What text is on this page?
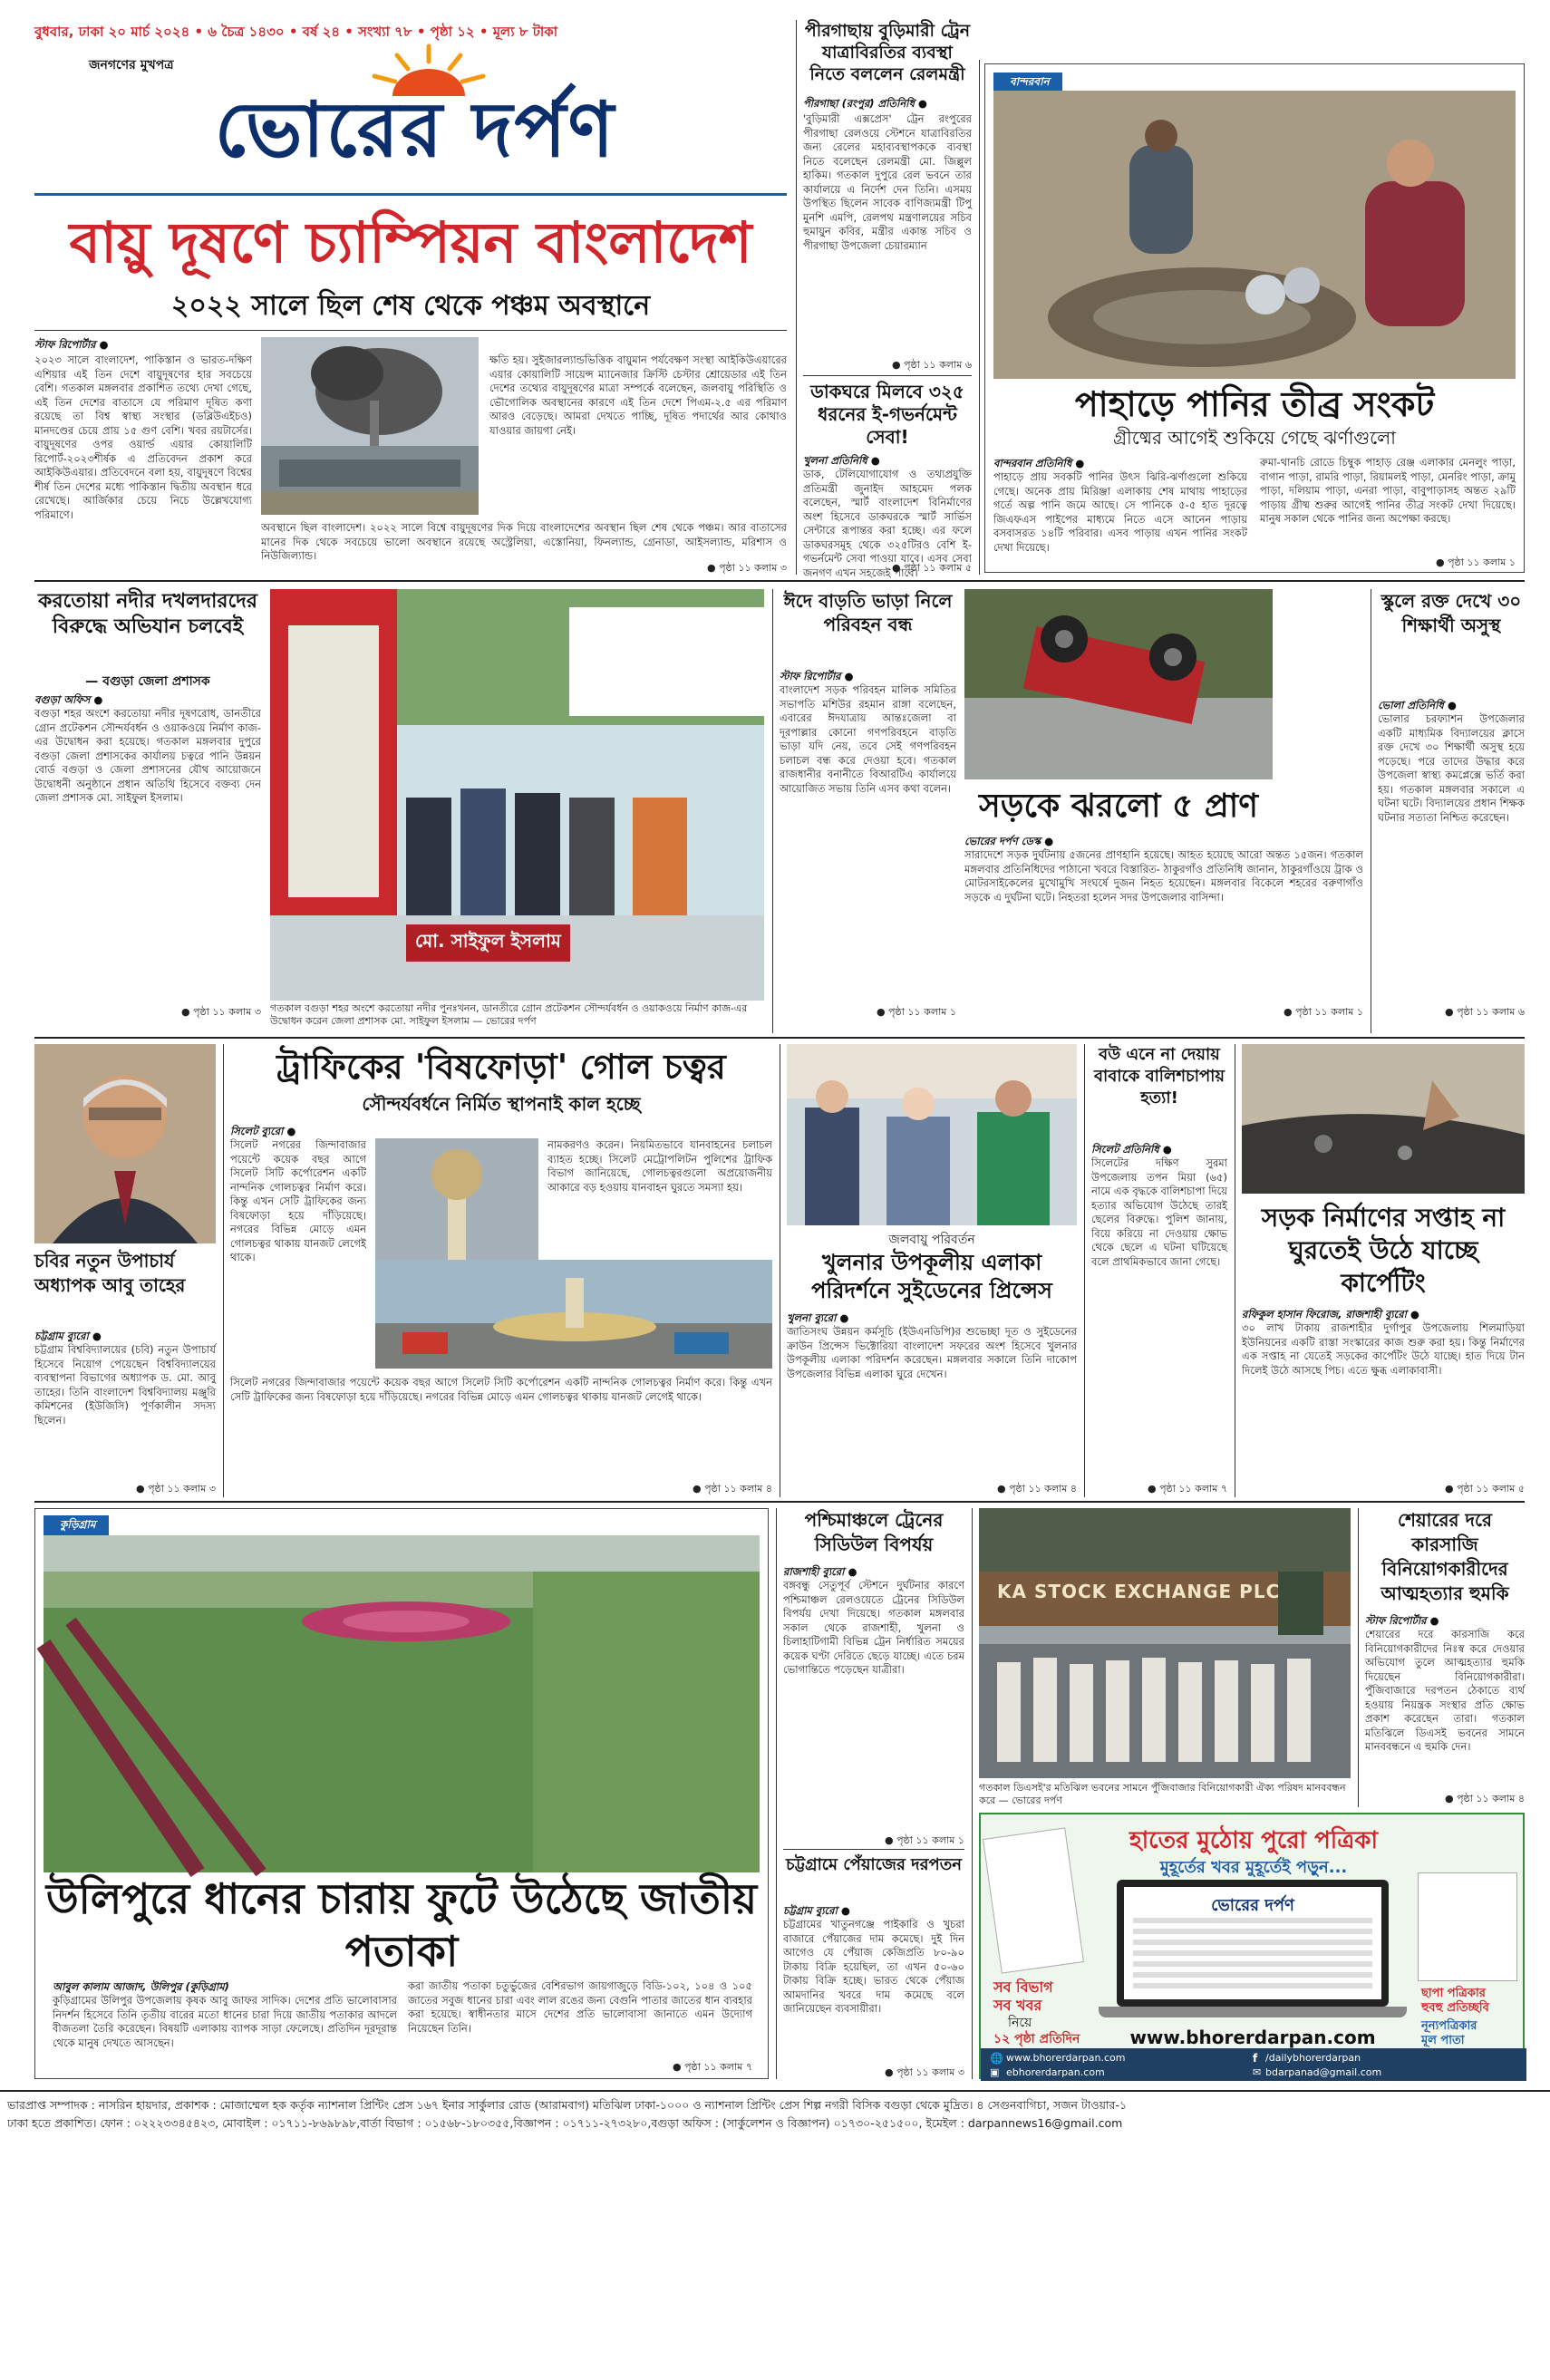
বুধবার, ঢাকা ২০ মার্চ ২০২৪ • ৬ চৈত্র ১৪৩০ • বর্ষ ২৪ • সংখ্যা ৭৮ • পৃষ্ঠা ১২ • মূল্য ৮ টাকা
জনগণের মুখপত্র
ভোরের দর্পণ
বায়ু দূষণে চ্যাম্পিয়ন বাংলাদেশ
২০২২ সালে ছিল শেষ থেকে পঞ্চম অবস্থানে
স্টাফ রিপোর্টার ●
২০২৩ সালে বাংলাদেশ, পাকিস্তান ও ভারত-দক্ষিণ এশিয়ার এই তিন দেশে বায়ুদূষণের হার সবচেয়ে বেশি। গতকাল মঙ্গলবার প্রকাশিত তথ্যে দেখা গেছে, এই তিন দেশের বাতাসে যে পরিমাণ দূষিত কণা রয়েছে তা বিশ্ব স্বাস্থ্য সংস্থার (ডব্লিউএইচও) মানদণ্ডের চেয়ে প্রায় ১৫ গুণ বেশি। খবর রয়টার্সের। বায়ুদূষণের ওপর ওয়ার্ল্ড এয়ার কোয়ালিটি রিপোর্ট-২০২৩শীর্ষক এ প্রতিবেদন প্রকাশ করে আইকিউএয়ার। প্রতিবেদনে বলা হয়, বায়ুদূষণে বিশ্বের শীর্ষ তিন দেশের মধ্যে পাকিস্তান দ্বিতীয় অবস্থান ধরে রেখেছে। আর্জিকার চেয়ে নিচে উল্লেখযোগ্য পরিমাণে।
ক্ষতি হয়। সুইজারল্যান্ডভিত্তিক বায়ুমান পর্যবেক্ষণ সংস্থা আইকিউএয়ারের এয়ার কোয়ালিটি সায়েন্স ম্যানেজার ক্রিস্টি চেস্টার শ্রোয়েডার এই তিন দেশের তথ্যের বায়ুদূষণের মাত্রা সম্পর্কে বলেছেন, জলবায়ু পরিস্থিতি ও ভৌগোলিক অবস্থানের কারণে এই তিন দেশে পিএম-২.৫ এর পরিমাণ আরও বেড়েছে। আমরা দেখতে পাচ্ছি, দূষিত পদার্থের আর কোথাও যাওয়ার জায়গা নেই।
অবস্থানে ছিল বাংলাদেশ। ২০২২ সালে বিশ্বে বায়ুদূষণের দিক দিয়ে বাংলাদেশের অবস্থান ছিল শেষ থেকে পঞ্চম। আর বাতাসের মানের দিক থেকে সবচেয়ে ভালো অবস্থানে রয়েছে অস্ট্রেলিয়া, এস্তোনিয়া, ফিনল্যান্ড, গ্রেনাডা, আইসল্যান্ড, মরিশাস ও নিউজিল্যান্ড।
● পৃষ্ঠা ১১ কলাম ৩
পীরগাছায় বুড়িমারী ট্রেন যাত্রাবিরতির ব্যবস্থা নিতে বললেন রেলমন্ত্রী
পীরগাছা (রংপুর) প্রতিনিধি ●
'বুড়িমারী এক্সপ্রেস' ট্রেন রংপুরের পীরগাছা রেলওয়ে স্টেশনে যাত্রাবিরতির জন্য রেলের মহাব্যবস্থাপককে ব্যবস্থা নিতে বলেছেন রেলমন্ত্রী মো. জিল্লুল হাকিম। গতকাল দুপুরে রেল ভবনে তার কার্যালয়ে এ নির্দেশ দেন তিনি। এসময় উপস্থিত ছিলেন সাবেক বাণিজ্যমন্ত্রী টিপু মুনশি এমপি, রেলপথ মন্ত্রণালয়ের সচিব হুমায়ুন কবির, মন্ত্রীর একান্ত সচিব ও পীরগাছা উপজেলা চেয়ারম্যান
● পৃষ্ঠা ১১ কলাম ৬
ডাকঘরে মিলবে ৩২৫ ধরনের ই-গভর্নমেন্ট সেবা!
খুলনা প্রতিনিধি ●
ডাক, টেলিযোগাযোগ ও তথ্যপ্রযুক্তি প্রতিমন্ত্রী জুনাইদ আহমেদ পলক বলেছেন, স্মার্ট বাংলাদেশ বিনির্মাণের অংশ হিসেবে ডাকঘরকে স্মার্ট সার্ভিস সেন্টারে রূপান্তর করা হচ্ছে। এর ফলে ডাকঘরসমূহ থেকে ৩২৫টিরও বেশি ই-গভর্নমেন্ট সেবা পাওয়া যাবে। এসব সেবা জনগণ এখন সহজেই পাবে।
● পৃষ্ঠা ১১ কলাম ৫
বান্দরবান
পাহাড়ে পানির তীব্র সংকট
গ্রীষ্মের আগেই শুকিয়ে গেছে ঝর্ণাগুলো
বান্দরবান প্রতিনিধি ●
পাহাড়ে প্রায় সবকটি পানির উৎস ঝিরি-ঝর্ণাগুলো শুকিয়ে গেছে। অনেক প্রায় মিরিঞ্জা এলাকায় শেষ মাথায় পাহাড়ের গর্তে অল্প পানি জমে আছে। সে পানিকে ৫-৫ হাত দূরত্বে জিএফএস পাইপের মাধ্যমে নিতে এসে আনেন পাড়ায় বসবাসরত ১৪টি পরিবার। এসব পাড়ায় এখন পানির সংকট দেখা দিয়েছে।
রুমা-থানচি রোডে চিম্বুক পাহাড় রেঞ্জ এলাকার মেনলুং পাড়া, বাগান পাড়া, রামরি পাড়া, রিয়ামলই পাড়া, মেনরিং পাড়া, ক্রামু পাড়া, দলিয়াম পাড়া, এনরা পাড়া, বাবুপাড়াসহ অন্তত ২৯টি পাড়ায় গ্রীষ্ম শুরুর আগেই পানির তীব্র সংকট দেখা দিয়েছে। মানুষ সকাল থেকে পানির জন্য অপেক্ষা করছে।
● পৃষ্ঠা ১১ কলাম ১
করতোয়া নদীর দখলদারদের বিরুদ্ধে অভিযান চলবেই
— বগুড়া জেলা প্রশাসক
বগুড়া অফিস ●
বগুড়া শহর অংশে করতোয়া নদীর দূষণরোধ, ডানতীরে গ্রোন প্রটেকশন সৌন্দর্যবর্ধন ও ওয়াকওয়ে নির্মাণ কাজ-এর উদ্বোধন করা হয়েছে। গতকাল মঙ্গলবার দুপুরে বগুড়া জেলা প্রশাসকের কার্যালয় চত্বরে পানি উন্নয়ন বোর্ড বগুড়া ও জেলা প্রশাসনের যৌথ আয়োজনে উদ্বোধনী অনুষ্ঠানে প্রধান অতিথি হিসেবে বক্তব্য দেন জেলা প্রশাসক মো. সাইফুল ইসলাম।
● পৃষ্ঠা ১১ কলাম ৩
মো. সাইফুল ইসলাম
গতকাল বগুড়া শহর অংশে করতোয়া নদীর পুনঃখনন, ডানতীরে গ্রোন প্রটেকশন সৌন্দর্যবর্ধন ও ওয়াকওয়ে নির্মাণ কাজ-এর উদ্বোধন করেন জেলা প্রশাসক মো. সাইফুল ইসলাম — ভোরের দর্পণ
ঈদে বাড়তি ভাড়া নিলে পরিবহন বন্ধ
স্টাফ রিপোর্টার ●
বাংলাদেশ সড়ক পরিবহন মালিক সমিতির সভাপতি মশিউর রহমান রাঙ্গা বলেছেন, এবারের ঈদযাত্রায় আন্তঃজেলা বা দূরপাল্লার কোনো গণপরিবহনে বাড়তি ভাড়া যদি নেয়, তবে সেই গণপরিবহন চলাচল বন্ধ করে দেওয়া হবে। গতকাল রাজধানীর বনানীতে বিআরটিএ কার্যালয়ে আয়োজিত সভায় তিনি এসব কথা বলেন।
● পৃষ্ঠা ১১ কলাম ১
সড়কে ঝরলো ৫ প্রাণ
ভোরের দর্পণ ডেস্ক ●
সারাদেশে সড়ক দুর্ঘটনায় ৫জনের প্রাণহানি হয়েছে। আহত হয়েছে আরো অন্তত ১৫জন। গতকাল মঙ্গলবার প্রতিনিধিদের পাঠানো খবরে বিস্তারিত- ঠাকুরগাঁও প্রতিনিধি জানান, ঠাকুরগাঁওয়ে ট্রাক ও মোটরসাইকেলের মুখোমুখি সংঘর্ষে দুজন নিহত হয়েছেন। মঙ্গলবার বিকেলে শহরের বরুণাগাঁও সড়কে এ দুর্ঘটনা ঘটে। নিহতরা হলেন সদর উপজেলার বাসিন্দা।
● পৃষ্ঠা ১১ কলাম ১
স্কুলে রক্ত দেখে ৩০ শিক্ষার্থী অসুস্থ
ভোলা প্রতিনিধি ●
ভোলার চরফ্যাশন উপজেলার একটি মাধ্যমিক বিদ্যালয়ের ক্লাসে রক্ত দেখে ৩০ শিক্ষার্থী অসুস্থ হয়ে পড়েছে। পরে তাদের উদ্ধার করে উপজেলা স্বাস্থ্য কমপ্লেক্সে ভর্তি করা হয়। গতকাল মঙ্গলবার সকালে এ ঘটনা ঘটে। বিদ্যালয়ের প্রধান শিক্ষক ঘটনার সত্যতা নিশ্চিত করেছেন।
● পৃষ্ঠা ১১ কলাম ৬
চবির নতুন উপাচার্য অধ্যাপক আবু তাহের
চট্টগ্রাম ব্যুরো ●
চট্টগ্রাম বিশ্ববিদ্যালয়ের (চবি) নতুন উপাচার্য হিসেবে নিয়োগ পেয়েছেন বিশ্ববিদ্যালয়ের ব্যবস্থাপনা বিভাগের অধ্যাপক ড. মো. আবু তাহের। তিনি বাংলাদেশ বিশ্ববিদ্যালয় মঞ্জুরি কমিশনের (ইউজিসি) পূর্ণকালীন সদস্য ছিলেন।
● পৃষ্ঠা ১১ কলাম ৩
ট্রাফিকের 'বিষফোড়া' গোল চত্বর
সৌন্দর্যবর্ধনে নির্মিত স্থাপনাই কাল হচ্ছে
সিলেট ব্যুরো ●
সিলেট নগরের জিন্দাবাজার পয়েন্টে কয়েক বছর আগে সিলেট সিটি কর্পোরেশন একটি নান্দনিক গোলচত্বর নির্মাণ করে। কিন্তু এখন সেটি ট্রাফিকের জন্য বিষফোড়া হয়ে দাঁড়িয়েছে। নগরের বিভিন্ন মোড়ে এমন গোলচত্বর থাকায় যানজট লেগেই থাকে।
নামকরণও করেন। নিয়মিতভাবে যানবাহনের চলাচল ব্যাহত হচ্ছে। সিলেট মেট্রোপলিটন পুলিশের ট্রাফিক বিভাগ জানিয়েছে, গোলচত্বরগুলো অপ্রয়োজনীয় আকারে বড় হওয়ায় যানবাহন ঘুরতে সমস্যা হয়।
সিলেট নগরের জিন্দাবাজার পয়েন্টে কয়েক বছর আগে সিলেট সিটি কর্পোরেশন একটি নান্দনিক গোলচত্বর নির্মাণ করে। কিন্তু এখন সেটি ট্রাফিকের জন্য বিষফোড়া হয়ে দাঁড়িয়েছে। নগরের বিভিন্ন মোড়ে এমন গোলচত্বর থাকায় যানজট লেগেই থাকে।
● পৃষ্ঠা ১১ কলাম ৪
জলবায়ু পরিবর্তন
খুলনার উপকূলীয় এলাকা পরিদর্শনে সুইডেনের প্রিন্সেস
খুলনা ব্যুরো ●
জাতিসংঘ উন্নয়ন কর্মসূচি (ইউএনডিপি)র শুভেচ্ছা দূত ও সুইডেনের ক্রাউন প্রিন্সেস ভিক্টোরিয়া বাংলাদেশ সফরের অংশ হিসেবে খুলনার উপকূলীয় এলাকা পরিদর্শন করেছেন। মঙ্গলবার সকালে তিনি দাকোপ উপজেলার বিভিন্ন এলাকা ঘুরে দেখেন।
● পৃষ্ঠা ১১ কলাম ৪
বউ এনে না দেয়ায় বাবাকে বালিশচাপায় হত্যা!
সিলেট প্রতিনিধি ●
সিলেটের দক্ষিণ সুরমা উপজেলায় তপন মিয়া (৬৫) নামে এক বৃদ্ধকে বালিশচাপা দিয়ে হত্যার অভিযোগ উঠেছে তারই ছেলের বিরুদ্ধে। পুলিশ জানায়, বিয়ে করিয়ে না দেওয়ায় ক্ষোভ থেকে ছেলে এ ঘটনা ঘটিয়েছে বলে প্রাথমিকভাবে জানা গেছে।
● পৃষ্ঠা ১১ কলাম ৭
সড়ক নির্মাণের সপ্তাহ না ঘুরতেই উঠে যাচ্ছে কার্পেটিং
রফিকুল হাসান ফিরোজ, রাজশাহী ব্যুরো ●
৩০ লাখ টাকায় রাজশাহীর দুর্গাপুর উপজেলায় শিলমাড়িয়া ইউনিয়নের একটি রাস্তা সংস্কারের কাজ শুরু করা হয়। কিন্তু নির্মাণের এক সপ্তাহ না যেতেই সড়কের কার্পেটিং উঠে যাচ্ছে। হাত দিয়ে টান দিলেই উঠে আসছে পিচ। এতে ক্ষুব্ধ এলাকাবাসী।
● পৃষ্ঠা ১১ কলাম ৫
কুড়িগ্রাম
উলিপুরে ধানের চারায় ফুটে উঠেছে জাতীয় পতাকা
আবুল কালাম আজাদ, উলিপুর (কুড়িগ্রাম)
কুড়িগ্রামের উলিপুর উপজেলায় কৃষক আবু জাফর সাদিক। দেশের প্রতি ভালোবাসার নিদর্শন হিসেবে তিনি তৃতীয় বারের মতো ধানের চারা দিয়ে জাতীয় পতাকার আদলে বীজতলা তৈরি করেছেন। বিষয়টি এলাকায় ব্যাপক সাড়া ফেলেছে। প্রতিদিন দূরদূরান্ত থেকে মানুষ দেখতে আসছেন।
করা জাতীয় পতাকা চতুর্ভুজের বেশিরভাগ জায়গাজুড়ে বিডি-১০২, ১০৪ ও ১০৫ জাতের সবুজ ধানের চারা এবং লাল রঙের জন্য বেগুনি পাতার জাতের ধান ব্যবহার করা হয়েছে। স্বাধীনতার মাসে দেশের প্রতি ভালোবাসা জানাতে এমন উদ্যোগ নিয়েছেন তিনি।
● পৃষ্ঠা ১১ কলাম ৭
পশ্চিমাঞ্চলে ট্রেনের সিডিউল বিপর্যয়
রাজশাহী ব্যুরো ●
বঙ্গবন্ধু সেতুপূর্ব স্টেশনে দুর্ঘটনার কারণে পশ্চিমাঞ্চল রেলওয়েতে ট্রেনের সিডিউল বিপর্যয় দেখা দিয়েছে। গতকাল মঙ্গলবার সকাল থেকে রাজশাহী, খুলনা ও চিলাহাটিগামী বিভিন্ন ট্রেন নির্ধারিত সময়ের কয়েক ঘণ্টা দেরিতে ছেড়ে যাচ্ছে। এতে চরম ভোগান্তিতে পড়েছেন যাত্রীরা।
● পৃষ্ঠা ১১ কলাম ১
চট্টগ্রামে পেঁয়াজের দরপতন
চট্টগ্রাম ব্যুরো ●
চট্টগ্রামের খাতুনগঞ্জে পাইকারি ও খুচরা বাজারে পেঁয়াজের দাম কমেছে। দুই দিন আগেও যে পেঁয়াজ কেজিপ্রতি ৮০-৯০ টাকায় বিক্রি হয়েছিল, তা এখন ৫০-৬০ টাকায় বিক্রি হচ্ছে। ভারত থেকে পেঁয়াজ আমদানির খবরে দাম কমেছে বলে জানিয়েছেন ব্যবসায়ীরা।
● পৃষ্ঠা ১১ কলাম ৩
KA STOCK EXCHANGE PLC
গতকাল ডিএসই'র মতিঝিল ভবনের সামনে পুঁজিবাজার বিনিয়োগকারী ঐক্য পরিষদ মানববন্ধন করে — ভোরের দর্পণ
শেয়ারের দরে কারসাজি বিনিয়োগকারীদের আত্মহত্যার হুমকি
স্টাফ রিপোর্টার ●
শেয়ারের দরে কারসাজি করে বিনিয়োগকারীদের নিঃস্ব করে দেওয়ার অভিযোগ তুলে আত্মহত্যার হুমকি দিয়েছেন বিনিয়োগকারীরা। পুঁজিবাজারে দরপতন ঠেকাতে ব্যর্থ হওয়ায় নিয়ন্ত্রক সংস্থার প্রতি ক্ষোভ প্রকাশ করেছেন তারা। গতকাল মতিঝিলে ডিএসই ভবনের সামনে মানববন্ধনে এ হুমকি দেন।
● পৃষ্ঠা ১১ কলাম ৪
হাতের মুঠোয় পুরো পত্রিকা
মুহূর্তের খবর মুহূর্তেই পড়ুন...
সব বিভাগ
সব খবর
নিয়ে
১২ পৃষ্ঠা প্রতিদিন
ভোরের দর্পণ
www.bhorerdarpan.com
ছাপা পত্রিকার
হুবহু প্রতিচ্ছবি
নূন্যপত্রিকার
মূল পাতা
🌐 www.bhorerdarpan.com	f /dailybhorerdarpan
▣ ebhorerdarpan.com	✉ bdarpanad@gmail.com
ভারপ্রাপ্ত সম্পাদক : নাসরিন হায়দার, প্রকাশক : মোজাম্মেল হক কর্তৃক ন্যাশনাল প্রিন্টিং প্রেস ১৬৭ ইনার সার্কুলার রোড (আরামবাগ) মতিঝিল ঢাকা-১০০০ ও ন্যাশনাল প্রিন্টিং প্রেস শিল্প নগরী বিসিক বগুড়া থেকে মুদ্রিত। ৪ সেগুনবাগিচা, সজন টাওয়ার-১
ঢাকা হতে প্রকাশিত। ফোন : ০২২২৩৩৪৫৪২৩, মোবাইল : ০১৭১১-৮৬৯৮৯৮,বার্তা বিভাগ : ০১৫৬৮-১৮০৩৫৫,বিজ্ঞাপন : ০১৭১১-২৭৩২৮০,বগুড়া অফিস : (সার্কুলেশন ও বিজ্ঞাপন) ০১৭৩০-২৫১৫০০, ইমেইল : darpannews16@gmail.com
